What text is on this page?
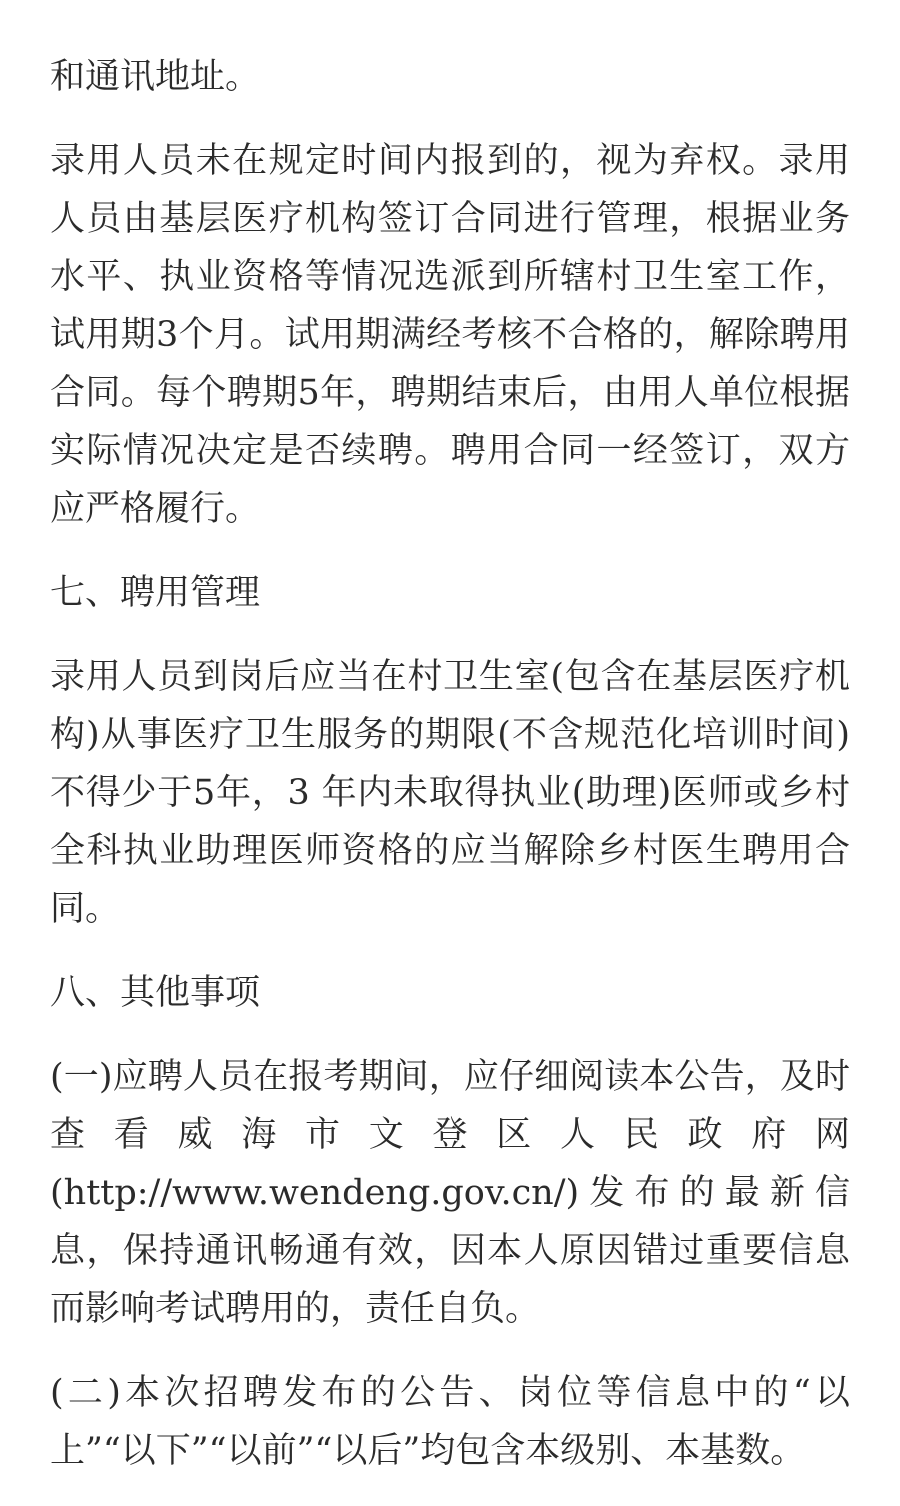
和通讯地址。

录用人员未在规定时间内报到的，视为弃权。录用人员由基层医疗机构签订合同进行管理，根据业务水平、执业资格等情况选派到所辖村卫生室工作，试用期3个月。试用期满经考核不合格的，解除聘用合同。每个聘期5年，聘期结束后，由用人单位根据实际情况决定是否续聘。聘用合同一经签订，双方应严格履行。

七、聘用管理

录用人员到岗后应当在村卫生室(包含在基层医疗机构)从事医疗卫生服务的期限(不含规范化培训时间)不得少于5年，3 年内未取得执业(助理)医师或乡村全科执业助理医师资格的应当解除乡村医生聘用合同。

八、其他事项

(一)应聘人员在报考期间，应仔细阅读本公告，及时查看威海市文登区人民政府网(http://www.wendeng.gov.cn/)发布的最新信息，保持通讯畅通有效，因本人原因错过重要信息而影响考试聘用的，责任自负。

(二)本次招聘发布的公告、岗位等信息中的“以上”“以下”“以前”“以后”均包含本级别、本基数。
